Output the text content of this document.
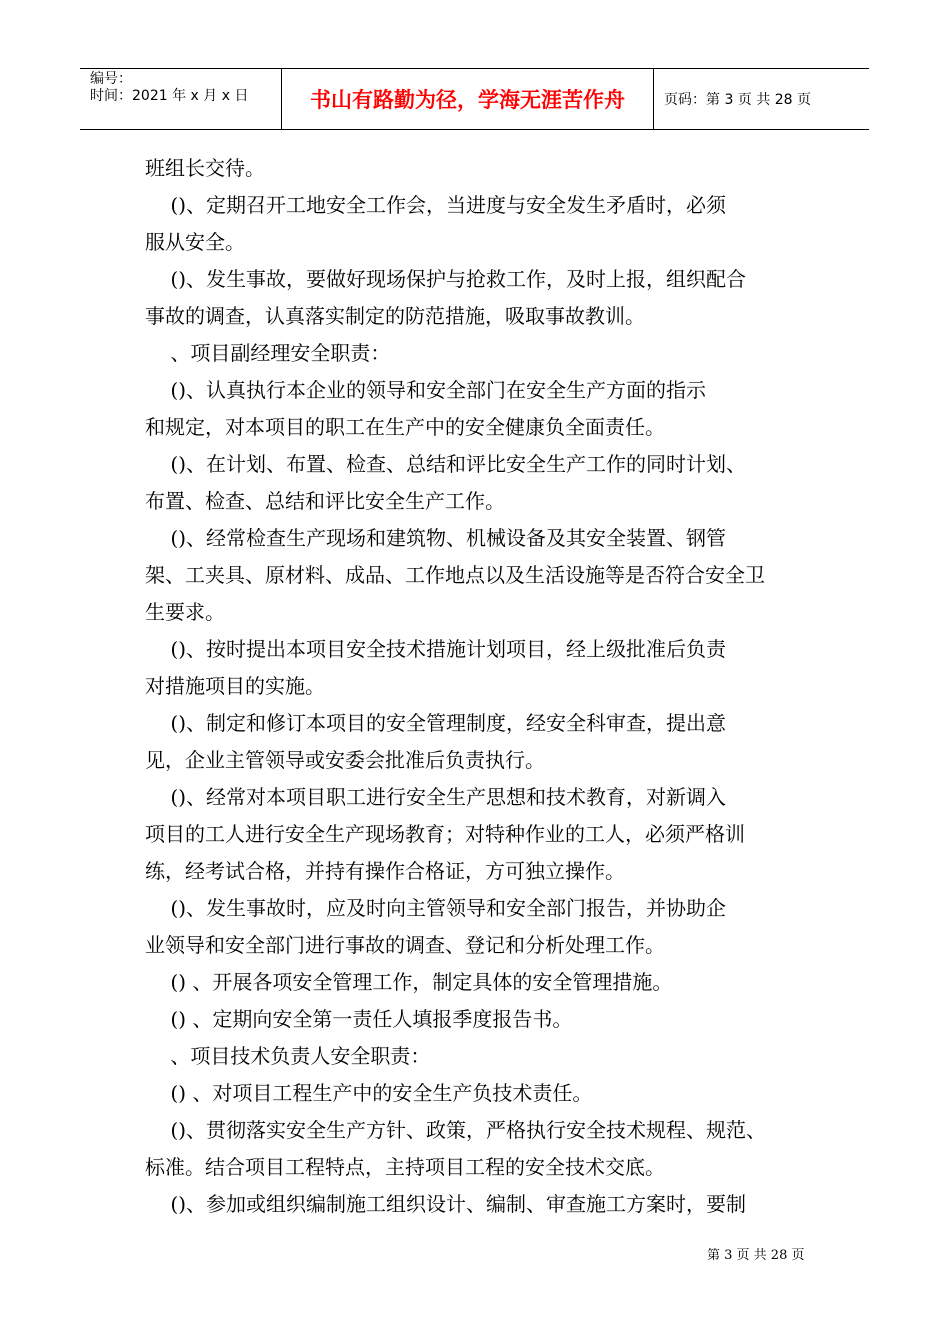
编号：
时间：2021 年 x 月 x 日	书山有路勤为径，学海无涯苦作舟	页码：第 3 页 共 28 页
班组长交待。
()、定期召开工地安全工作会，当进度与安全发生矛盾时，必须
服从安全。
()、发生事故，要做好现场保护与抢救工作，及时上报，组织配合
事故的调查，认真落实制定的防范措施，吸取事故教训。
、项目副经理安全职责：
()、认真执行本企业的领导和安全部门在安全生产方面的指示
和规定，对本项目的职工在生产中的安全健康负全面责任。
()、在计划、布置、检查、总结和评比安全生产工作的同时计划、
布置、检查、总结和评比安全生产工作。
()、经常检查生产现场和建筑物、机械设备及其安全装置、钢管
架、工夹具、原材料、成品、工作地点以及生活设施等是否符合安全卫
生要求。
()、按时提出本项目安全技术措施计划项目，经上级批准后负责
对措施项目的实施。
()、制定和修订本项目的安全管理制度，经安全科审查，提出意
见，企业主管领导或安委会批准后负责执行。
()、经常对本项目职工进行安全生产思想和技术教育，对新调入
项目的工人进行安全生产现场教育；对特种作业的工人，必须严格训
练，经考试合格，并持有操作合格证，方可独立操作。
()、发生事故时，应及时向主管领导和安全部门报告，并协助企
业领导和安全部门进行事故的调查、登记和分析处理工作。
() 、开展各项安全管理工作，制定具体的安全管理措施。
() 、定期向安全第一责任人填报季度报告书。
、项目技术负责人安全职责：
() 、对项目工程生产中的安全生产负技术责任。
()、贯彻落实安全生产方针、政策，严格执行安全技术规程、规范、
标准。结合项目工程特点，主持项目工程的安全技术交底。
()、参加或组织编制施工组织设计、编制、审查施工方案时，要制
第 3 页 共 28 页
